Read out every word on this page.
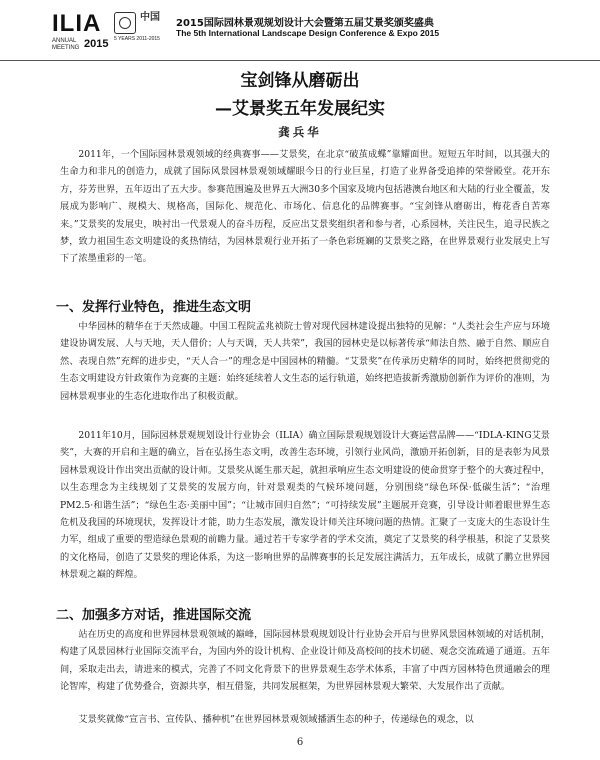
ILIA
ANNUAL MEETING 2015
中国
5 YEARS 2011-2015
2015国际园林景观规划设计大会暨第五届艾景奖颁奖盛典
The 5th International Landscape Design Conference & Expo 2015
宝剑锋从磨砺出
—艾景奖五年发展纪实
龚兵华

2011年，一个国际园林景观领域的经典赛事——艾景奖，在北京“破茧成蝶”靠耀面世。短短五年时间，以其强大的生命力和非凡的创造力，成就了国际风景园林景观领域耀眼今日的行业巨星，打造了业界备受追捧的荣誉殿堂。花开东方，芬芳世界，五年迈出了五大步。参赛范围遍及世界五大洲30多个国家及境内包括港澳台地区和大陆的行业全覆盖，发展成为影响广、规模大、规格高，国际化、规范化、市场化、信息化的品牌赛事。“宝剑锋从磨砺出，梅花香自苦寒来。”艾景奖的发展史，映衬出一代景观人的奋斗历程，反应出艾景奖组织者和参与者，心系园林，关注民生，追寻民族之梦，致力祖国生态文明建设的炙热情结，为园林景观行业开拓了一条色彩斑斓的艾景奖之路，在世界景观行业发展史上写下了浓墨重彩的一笔。

一、发挥行业特色，推进生态文明

中华园林的精华在于天然成趣。中国工程院孟兆祯院士曾对现代园林建设提出独特的见解：“人类社会生产应与环境建设协调发展、人与天地，天人借价；人与天调，天人共荣”，我国的园林史是以标著传承“师法自然、融于自然、顺应自然、表现自然”充辉的进步史，“天人合一”的理念是中国园林的精髓。“艾景奖”在传承历史精华的同时，始终把贯彻党的生态文明建设方针政策作为竞赛的主题：始终延续着人文生态的运行轨道，始终把造拔新秀激励创新作为评价的准则，为园林景观事业的生态化进取作出了积极贡献。

2011年10月，国际园林景观规划设计行业协会（ILIA）确立国际景观规划设计大赛运营品牌——“IDLA-KING艾景奖”，大赛的开启和主题的确立，旨在弘扬生态文明，改善生态环境，引领行业风尚，激励开拓创新，目的是表彰为风景园林景观设计作出突出贡献的设计师。艾景奖从诞生那天起，就担承响应生态文明建设的使命贯穿于整个的大赛过程中，以生态理念为主线规划了艾景奖的发展方向，针对景观类的气候环境问题，分别围绕“绿色环保·低碳生活”；“治理PM2.5·和谐生活”；“绿色生态·美丽中国”；“让城市回归自然”；“可持续发展”主题展开竞赛，引导设计师着眼世界生态危机及我国的环境现状，发挥设计才能，助力生态发展，激发设计师关注环境问题的热情。汇聚了一支庞大的生态设计生力军，组成了重要的塑造绿色景观的前瞻力量。通过若干专家学者的学术交流，奠定了艾景奖的科学根基，积淀了艾景奖的文化格局，创造了艾景奖的理论体系，为这一影响世界的品牌赛事的长足发展注满活力，五年成长，成就了鹏立世界园林景观之巅的辉煌。

二、加强多方对话，推进国际交流

站在历史的高度和世界园林景观领域的巅峰，国际园林景观规划设计行业协会开启与世界风景园林领域的对话机制，构建了风景园林行业国际交流平台，为国内外的设计机构、企业设计师及高校间的技术切磋、观念交流疏通了通道。五年间，采取走出去，请进来的模式，完善了不同文化背景下的世界景观生态学术体系，丰富了中西方园林特色贯通融会的理论智库，构建了优势叠合，资源共享，相互借鉴，共同发展框架，为世界园林景观大繁荣、大发展作出了贡献。

艾景奖就像“宣言书、宣传队、播种机”在世界园林景观领域播洒生态的种子，传递绿色的观念，以

6
